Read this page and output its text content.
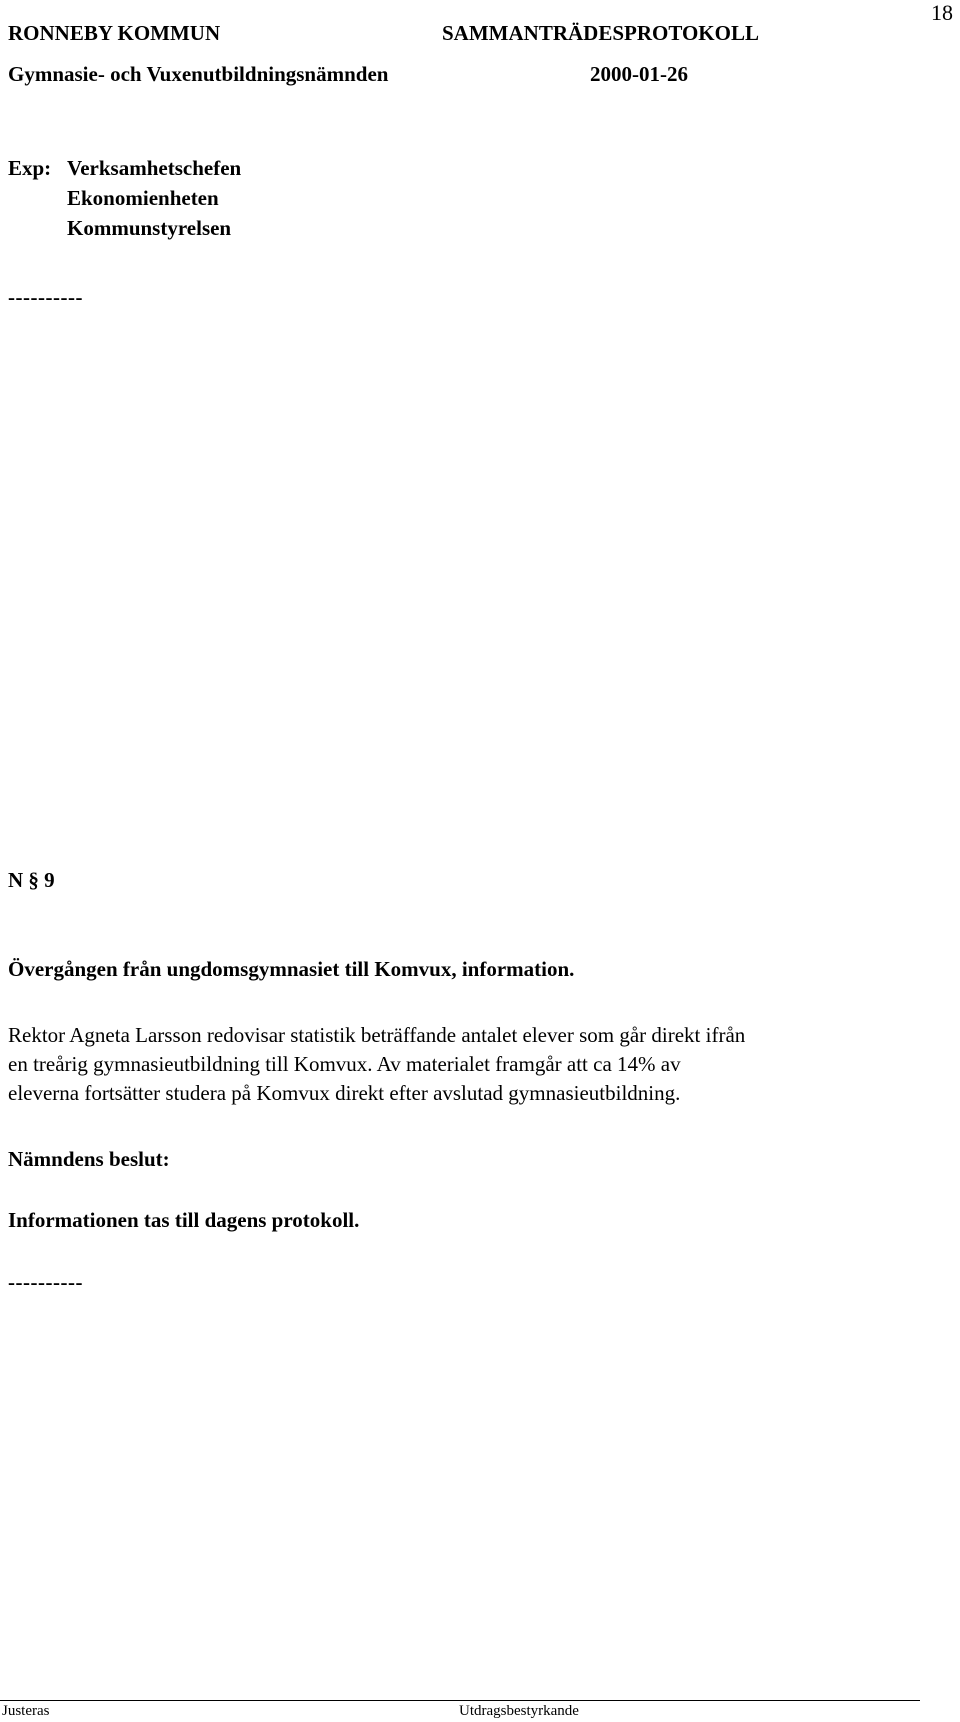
RONNEBY KOMMUN	SAMMANTRÄDESPROTOKOLL
18
Gymnasie- och Vuxenutbildningsnämnden	2000-01-26
Exp: Verksamhetschefen
Ekonomienheten
Kommunstyrelsen
----------
N § 9
Övergången från ungdomsgymnasiet till Komvux, information.
Rektor Agneta Larsson redovisar statistik beträffande antalet elever som går direkt ifrån
en treårig gymnasieutbildning till Komvux. Av materialet framgår att ca 14% av
eleverna fortsätter studera på Komvux direkt efter avslutad gymnasieutbildning.
Nämndens beslut:
Informationen tas till dagens protokoll.
----------
Justeras	Utdragsbestyrkande
